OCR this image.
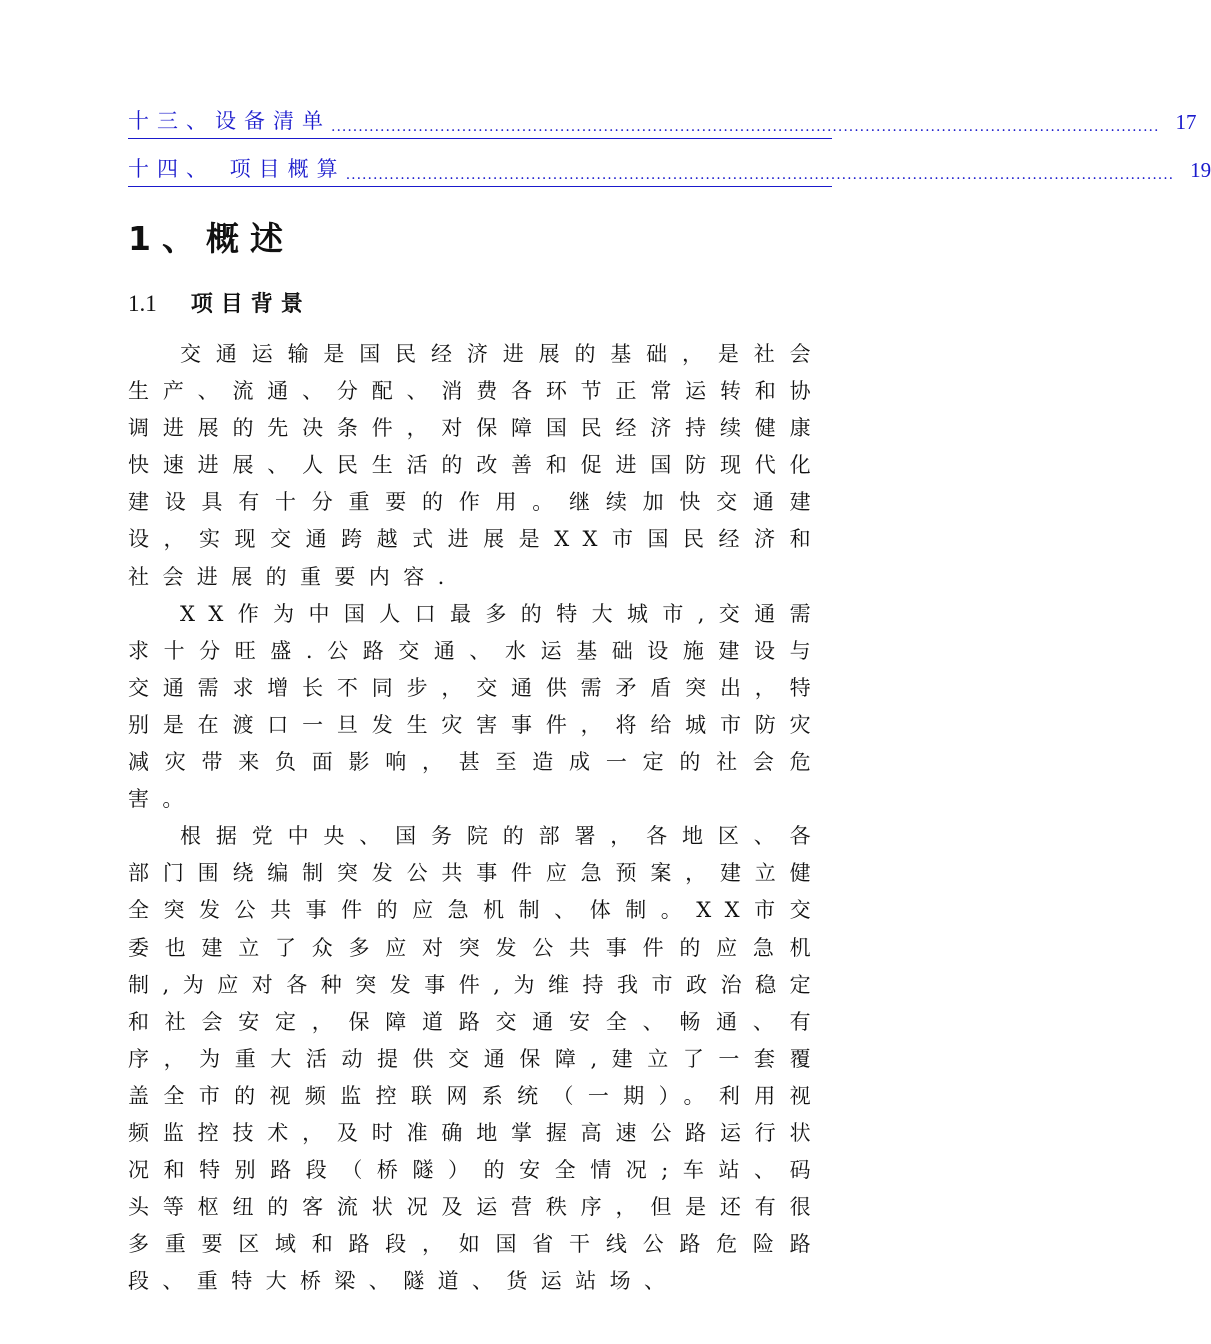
十三、设备清单 ........................................................................................................................................................ 17
十四、 项目概算 ........................................................................................................................................................ 19
1、概述
1.1 项目背景

交通运输是国民经济进展的基础，是社会生产、流通、分配、消费各环节正常运转和协调进展的先决条件，对保障国民经济持续健康快速进展、人民生活的改善和促进国防现代化建设具有十分重要的作用。继续加快交通建设，实现交通跨越式进展是XX市国民经济和社会进展的重要内容.

XX作为中国人口最多的特大城市,交通需求十分旺盛.公路交通、水运基础设施建设与交通需求增长不同步，交通供需矛盾突出，特别是在渡口一旦发生灾害事件，将给城市防灾减灾带来负面影响，甚至造成一定的社会危害。

根据党中央、国务院的部署，各地区、各部门围绕编制突发公共事件应急预案，建立健全突发公共事件的应急机制、体制。XX市交委也建立了众多应对突发公共事件的应急机制,为应对各种突发事件,为维持我市政治稳定和社会安定，保障道路交通安全、畅通、有序，为重大活动提供交通保障,建立了一套覆盖全市的视频监控联网系统（一期）。利用视频监控技术，及时准确地掌握高速公路运行状况和特别路段（桥隧）的安全情况;车站、码头等枢纽的客流状况及运营秩序，但是还有很多重要区域和路段，如国省干线公路危险路段、重特大桥梁、隧道、货运站场、
